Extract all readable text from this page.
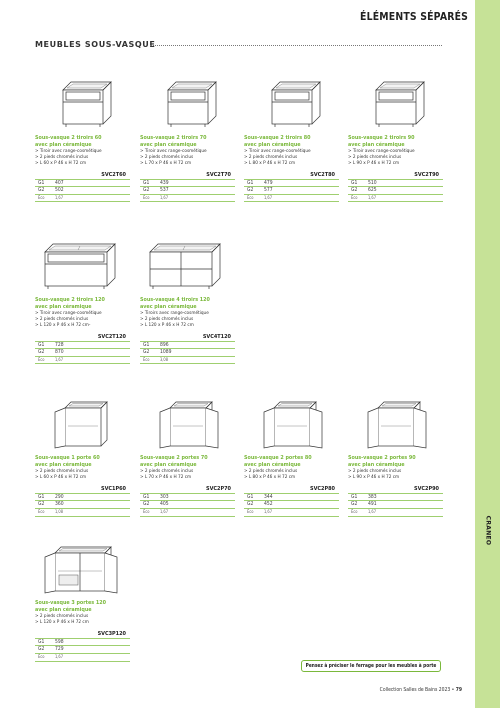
ÉLÉMENTS SÉPARÉS
CRANEO
MEUBLES SOUS-VASQUE
Sous-vasque 2 tiroirs 60
avec plan céramique
> Tiroir avec range-cosmétique
> 2 pieds chromés inclus
> L 60 x P 46 x H 72 cm
SVC2T60
G1	407
G2	502
Éco	1,67
Sous-vasque 2 tiroirs 70
avec plan céramique
> Tiroir avec range-cosmétique
> 2 pieds chromés inclus
> L 70 x P 46 x H 72 cm
SVC2T70
G1	439
G2	537
Éco	1,67
Sous-vasque 2 tiroirs 80
avec plan céramique
> Tiroir avec range-cosmétique
> 2 pieds chromés inclus
> L 80 x P 46 x H 72 cm
SVC2T80
G1	479
G2	577
Éco	1,67
Sous-vasque 2 tiroirs 90
avec plan céramique
> Tiroir avec range-cosmétique
> 2 pieds chromés inclus
> L 90 x P 46 x H 72 cm
SVC2T90
G1	510
G2	625
Éco	1,67
Sous-vasque 2 tiroirs 120
avec plan céramique
> Tiroir avec range-cosmétique
> 2 pieds chromés inclus
> L 120 x P 46 x H 72 cm-
SVC2T120
G1	728
G2	870
Éco	1,67
Sous-vasque 4 tiroirs 120
avec plan céramique
> Tiroirs avec range-cosmétique
> 2 pieds chromés inclus
> L 120 x P 46 x H 72 cm
SVC4T120
G1	896
G2	1089
Éco	3,08
Sous-vasque 1 porte 60
avec plan céramique
> 2 pieds chromés inclus
> L 60 x P 46 x H 72 cm
SVC1P60
G1	290
G2	360
Éco	1,08
Sous-vasque 2 portes 70
avec plan céramique
> 2 pieds chromés inclus
> L 70 x P 46 x H 72 cm
SVC2P70
G1	303
G2	405
Éco	1,67
Sous-vasque 2 portes 80
avec plan céramique
> 2 pieds chromés inclus
> L 80 x P 46 x H 72 cm
SVC2P80
G1	344
G2	452
Éco	1,67
Sous-vasque 2 portes 90
avec plan céramique
> 2 pieds chromés inclus
> L 90 x P 46 x H 72 cm
SVC2P90
G1	383
G2	491
Éco	1,67
Sous-vasque 3 portes 120
avec plan céramique
> 2 pieds chromés inclus
> L 120 x P 46 x H 72 cm
SVC3P120
G1	598
G2	729
Éco	1,67
Pensez à préciser le ferrage pour les meubles à porte
Collection Salles de Bains 2023 • 79
